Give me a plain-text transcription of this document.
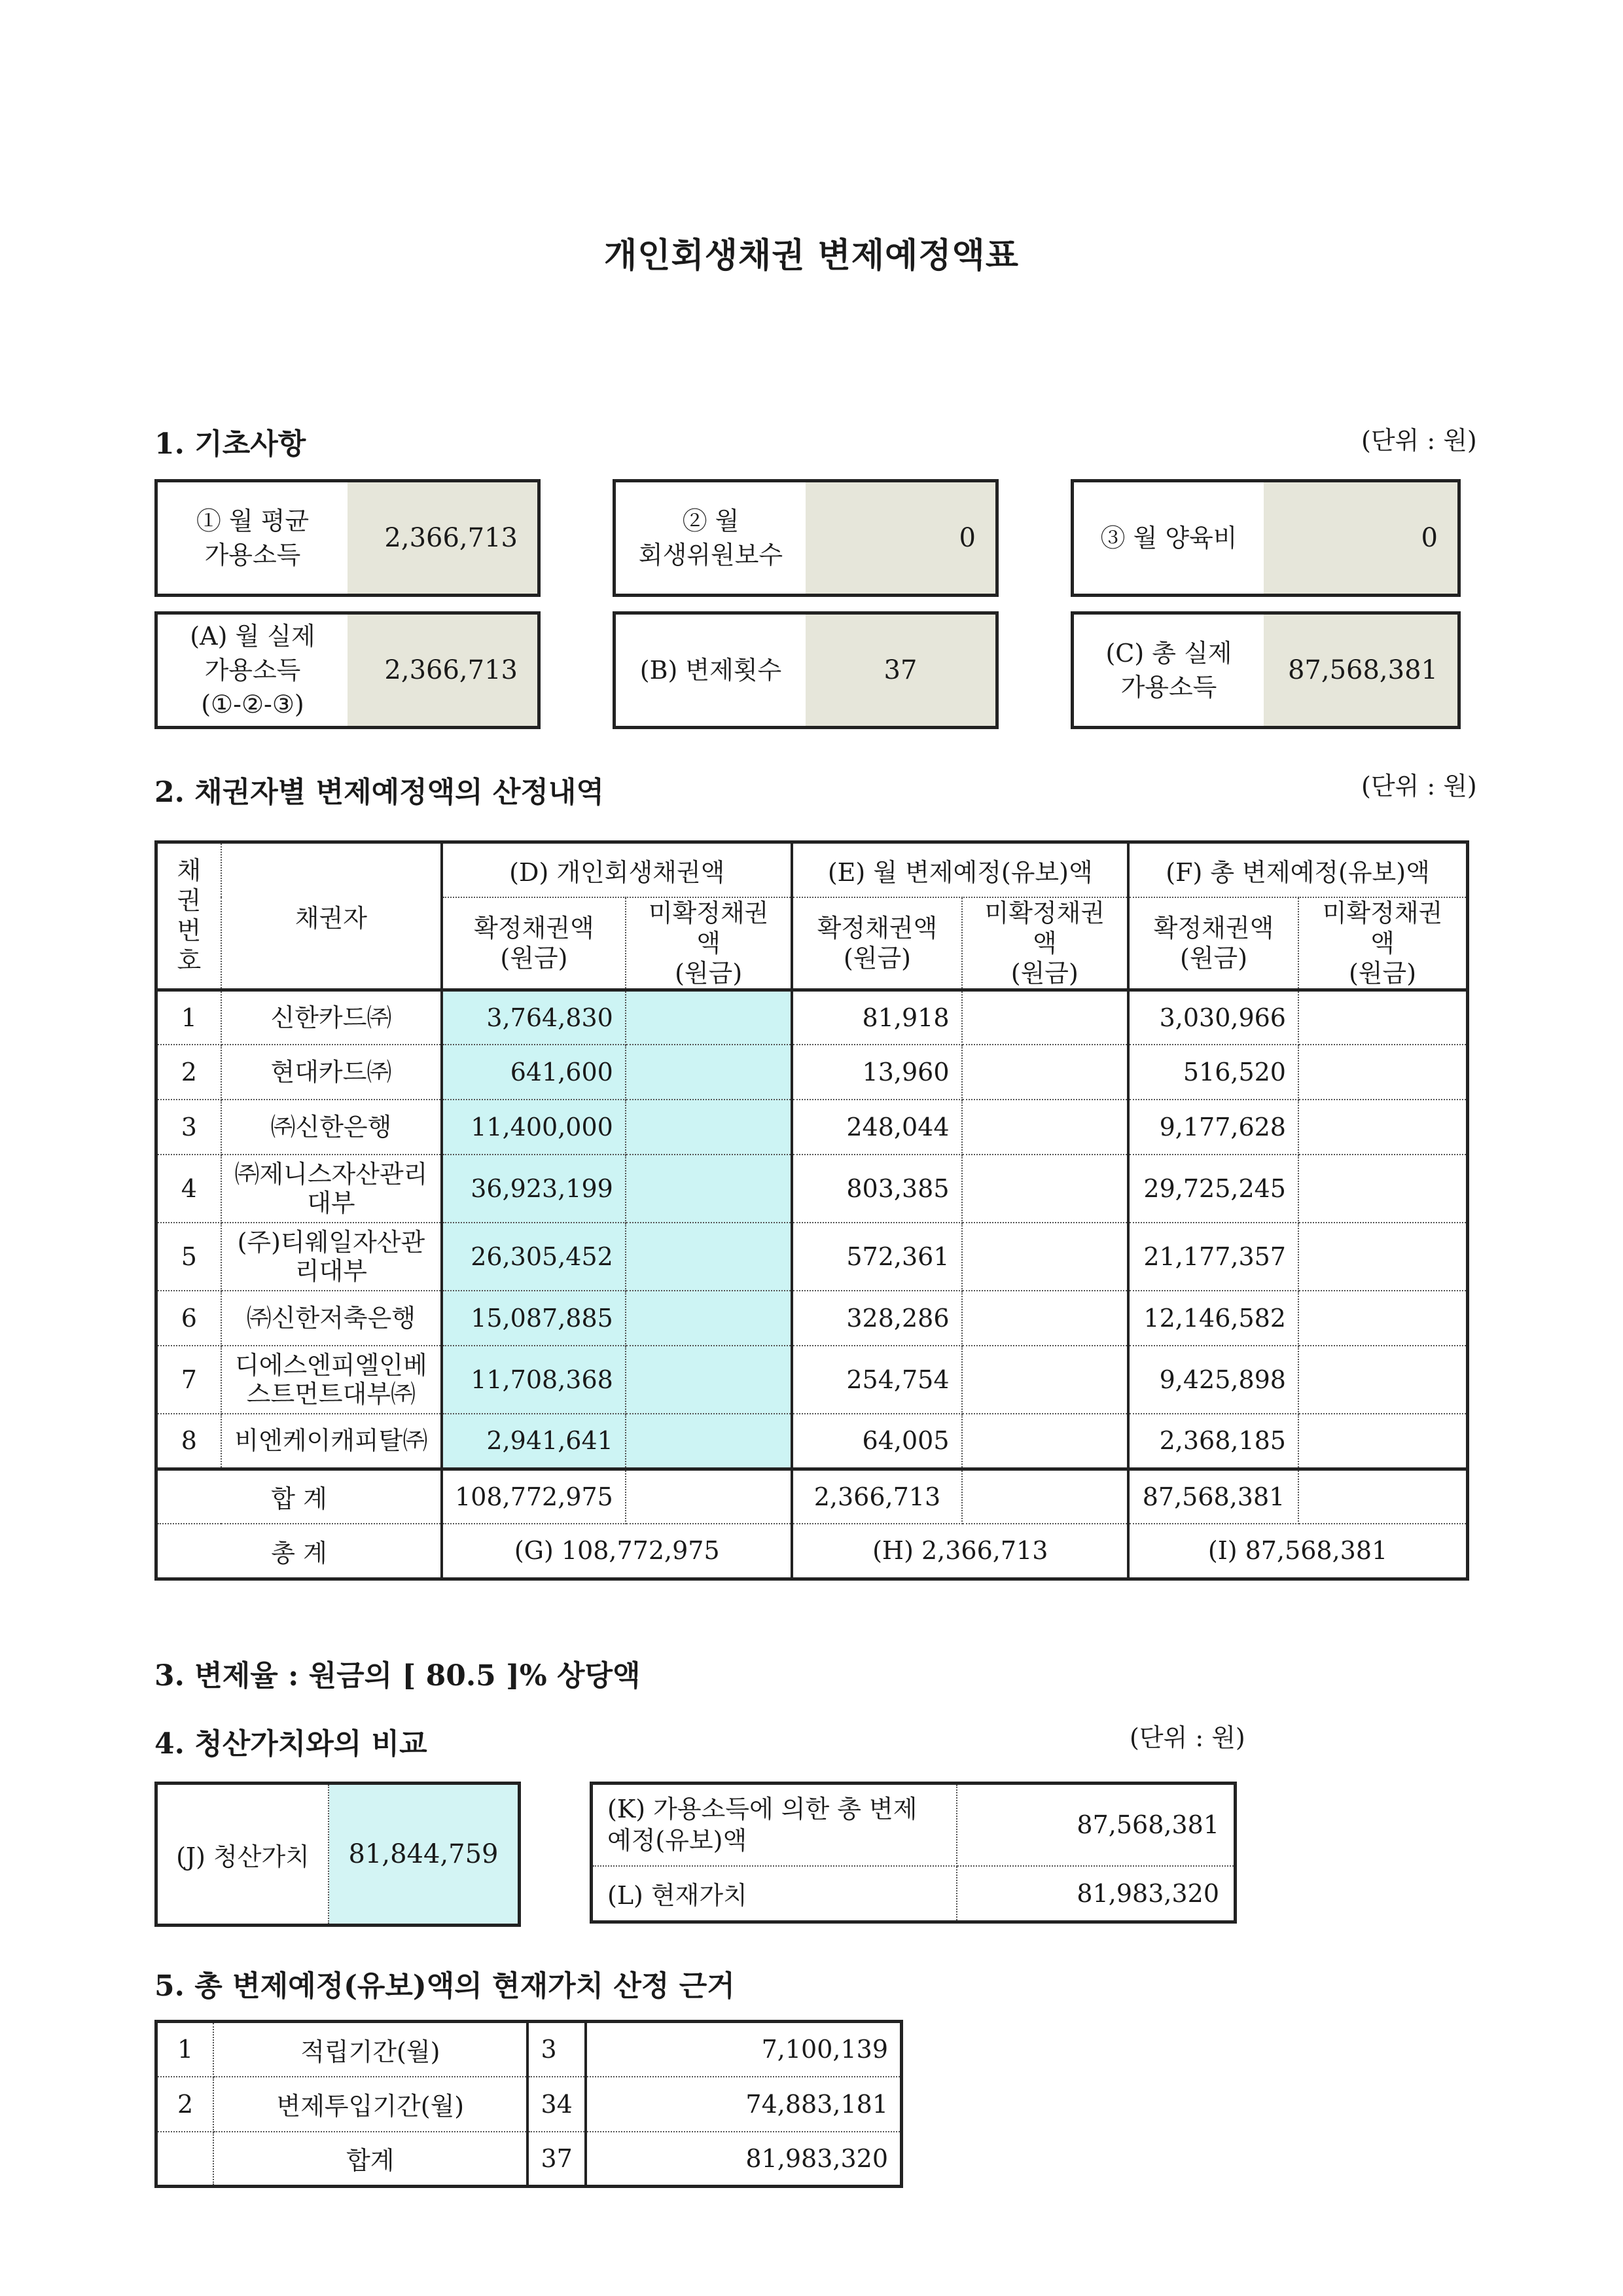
개인회생채권 변제예정액표
1. 기초사항	(단위 : 원)
① 월 평균
가용소득
2,366,713
② 월
회생위원보수
0	③ 월 양육비	0
(A) 월 실제
가용소득
(①-②-③)
2,366,713	(B) 변제횟수	37
(C) 총 실제
가용소득
87,568,381
2. 채권자별 변제예정액의 산정내역	(단위 : 원)
채권
번호	채권자	(D) 개인회생채권액		(E) 월 변제예정(유보)액		(F) 총 변제예정(유보)액	
		확정채권액
(원금)	미확정채권액
(원금)	확정채권액
(원금)	미확정채권액
(원금)	확정채권액
(원금)	미확정채권액
(원금)
1	신한카드㈜	3,764,830		81,918		3,030,966	
2	현대카드㈜	641,600		13,960		516,520	
3	㈜신한은행	11,400,000		248,044		9,177,628	
4	㈜제니스자산관리대부	36,923,199		803,385		29,725,245	
5	(주)티웨일자산관리대부	26,305,452		572,361		21,177,357	
6	㈜신한저축은행	15,087,885		328,286		12,146,582	
7	디에스엔피엘인베스트먼트대부㈜	11,708,368		254,754		9,425,898	
8	비엔케이캐피탈㈜	2,941,641		64,005		2,368,185	
합 계		108,772,975		2,366,713		87,568,381	
총 계		(G) 108,772,975		(H) 2,366,713		(I) 87,568,381	
3. 변제율 : 원금의 [ 80.5 ]% 상당액
4. 청산가치와의 비교	(단위 : 원)
(J) 청산가치	81,844,759
(K) 가용소득에 의한 총 변제
예정(유보)액	87,568,381
(L) 현재가치	81,983,320
5. 총 변제예정(유보)액의 현재가치 산정 근거
1	적립기간(월)	3	7,100,139
2	변제투입기간(월)	34	74,883,181
	합계	37	81,983,320
